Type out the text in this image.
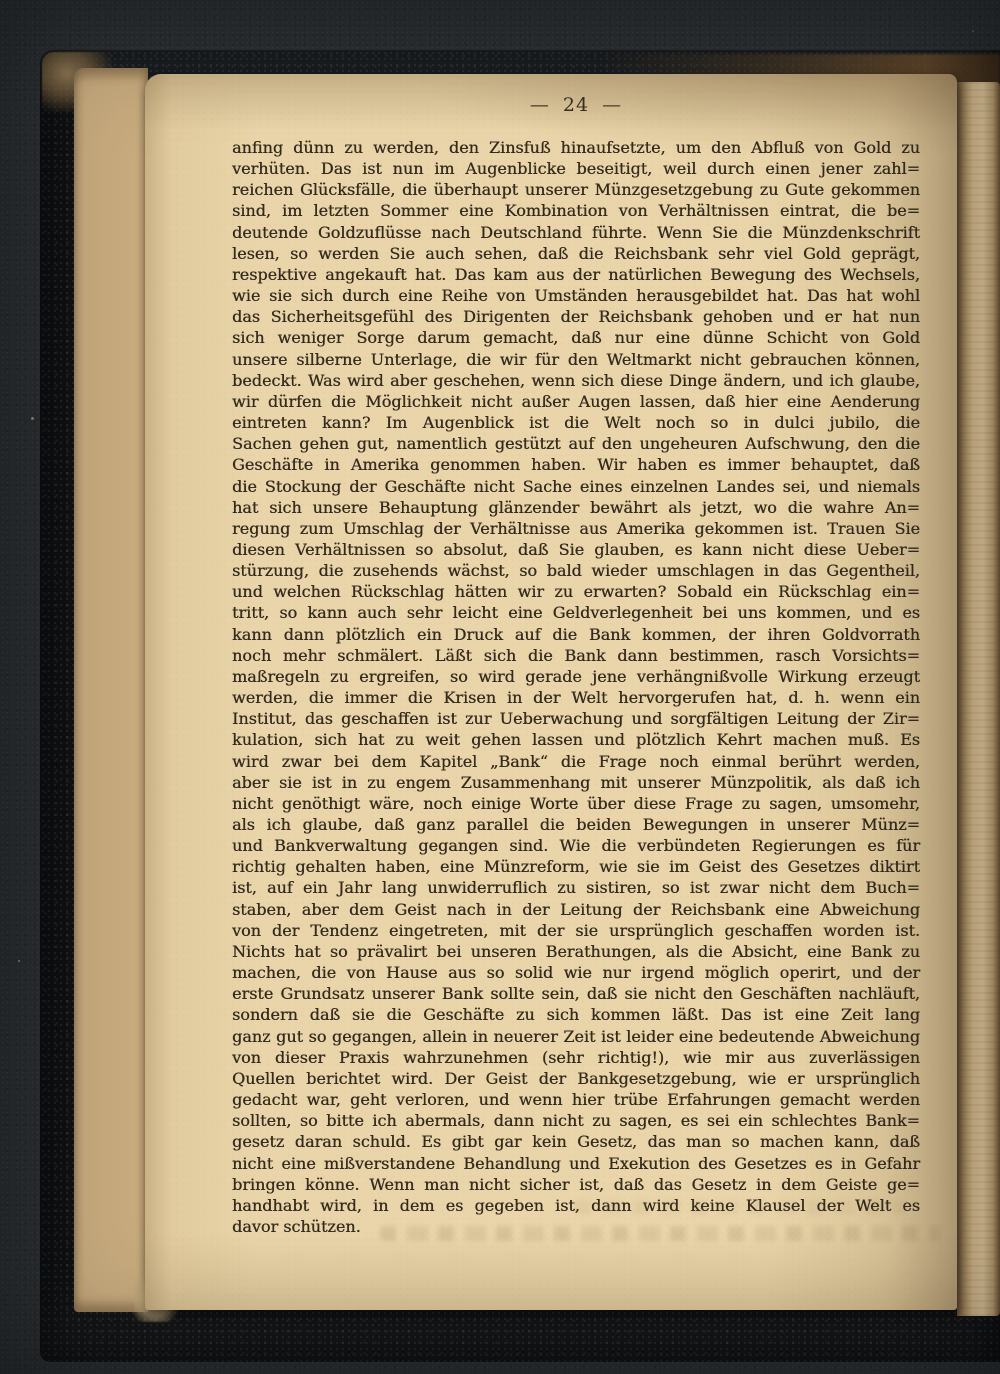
— 24 —
anfing dünn zu werden, den Zinsfuß hinaufsetzte, um den Abfluß von Gold zu
verhüten. Das ist nun im Augenblicke beseitigt, weil durch einen jener zahl=
reichen Glücksfälle, die überhaupt unserer Münzgesetzgebung zu Gute gekommen
sind, im letzten Sommer eine Kombination von Verhältnissen eintrat, die be=
deutende Goldzuflüsse nach Deutschland führte. Wenn Sie die Münzdenkschrift
lesen, so werden Sie auch sehen, daß die Reichsbank sehr viel Gold geprägt,
respektive angekauft hat. Das kam aus der natürlichen Bewegung des Wechsels,
wie sie sich durch eine Reihe von Umständen herausgebildet hat. Das hat wohl
das Sicherheitsgefühl des Dirigenten der Reichsbank gehoben und er hat nun
sich weniger Sorge darum gemacht, daß nur eine dünne Schicht von Gold
unsere silberne Unterlage, die wir für den Weltmarkt nicht gebrauchen können,
bedeckt. Was wird aber geschehen, wenn sich diese Dinge ändern, und ich glaube,
wir dürfen die Möglichkeit nicht außer Augen lassen, daß hier eine Aenderung
eintreten kann? Im Augenblick ist die Welt noch so in dulci jubilo, die
Sachen gehen gut, namentlich gestützt auf den ungeheuren Aufschwung, den die
Geschäfte in Amerika genommen haben. Wir haben es immer behauptet, daß
die Stockung der Geschäfte nicht Sache eines einzelnen Landes sei, und niemals
hat sich unsere Behauptung glänzender bewährt als jetzt, wo die wahre An=
regung zum Umschlag der Verhältnisse aus Amerika gekommen ist. Trauen Sie
diesen Verhältnissen so absolut, daß Sie glauben, es kann nicht diese Ueber=
stürzung, die zusehends wächst, so bald wieder umschlagen in das Gegentheil,
und welchen Rückschlag hätten wir zu erwarten? Sobald ein Rückschlag ein=
tritt, so kann auch sehr leicht eine Geldverlegenheit bei uns kommen, und es
kann dann plötzlich ein Druck auf die Bank kommen, der ihren Goldvorrath
noch mehr schmälert. Läßt sich die Bank dann bestimmen, rasch Vorsichts=
maßregeln zu ergreifen, so wird gerade jene verhängnißvolle Wirkung erzeugt
werden, die immer die Krisen in der Welt hervorgerufen hat, d. h. wenn ein
Institut, das geschaffen ist zur Ueberwachung und sorgfältigen Leitung der Zir=
kulation, sich hat zu weit gehen lassen und plötzlich Kehrt machen muß. Es
wird zwar bei dem Kapitel „Bank“ die Frage noch einmal berührt werden,
aber sie ist in zu engem Zusammenhang mit unserer Münzpolitik, als daß ich
nicht genöthigt wäre, noch einige Worte über diese Frage zu sagen, umsomehr,
als ich glaube, daß ganz parallel die beiden Bewegungen in unserer Münz=
und Bankverwaltung gegangen sind. Wie die verbündeten Regierungen es für
richtig gehalten haben, eine Münzreform, wie sie im Geist des Gesetzes diktirt
ist, auf ein Jahr lang unwiderruflich zu sistiren, so ist zwar nicht dem Buch=
staben, aber dem Geist nach in der Leitung der Reichsbank eine Abweichung
von der Tendenz eingetreten, mit der sie ursprünglich geschaffen worden ist.
Nichts hat so prävalirt bei unseren Berathungen, als die Absicht, eine Bank zu
machen, die von Hause aus so solid wie nur irgend möglich operirt, und der
erste Grundsatz unserer Bank sollte sein, daß sie nicht den Geschäften nachläuft,
sondern daß sie die Geschäfte zu sich kommen läßt. Das ist eine Zeit lang
ganz gut so gegangen, allein in neuerer Zeit ist leider eine bedeutende Abweichung
von dieser Praxis wahrzunehmen (sehr richtig!), wie mir aus zuverlässigen
Quellen berichtet wird. Der Geist der Bankgesetzgebung, wie er ursprünglich
gedacht war, geht verloren, und wenn hier trübe Erfahrungen gemacht werden
sollten, so bitte ich abermals, dann nicht zu sagen, es sei ein schlechtes Bank=
gesetz daran schuld. Es gibt gar kein Gesetz, das man so machen kann, daß
nicht eine mißverstandene Behandlung und Exekution des Gesetzes es in Gefahr
bringen könne. Wenn man nicht sicher ist, daß das Gesetz in dem Geiste ge=
handhabt wird, in dem es gegeben ist, dann wird keine Klausel der Welt es
davor schützen.
